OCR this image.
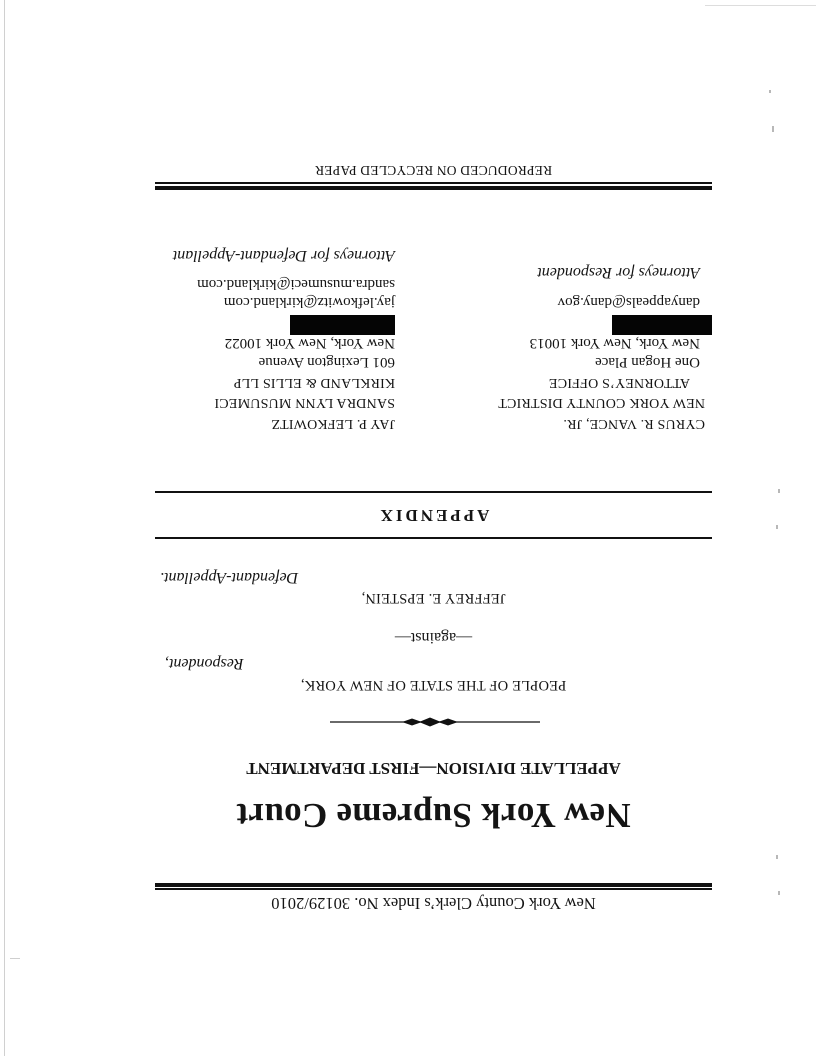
New York County Clerk’s Index No. 30129/2010
New York Supreme Court
APPELLATE DIVISION—FIRST DEPARTMENT
PEOPLE OF THE STATE OF NEW YORK,
Respondent,
—against—
JEFFREY E. EPSTEIN,
Defendant-Appellant.
APPENDIX
CYRUS R. VANCE, JR.
NEW YORK COUNTY DISTRICT
ATTORNEY’S OFFICE
One Hogan Place
New York, New York 10013
danyappeals@dany.gov
Attorneys for Respondent
JAY P. LEFKOWITZ
SANDRA LYNN MUSUMECI
KIRKLAND & ELLIS LLP
601 Lexington Avenue
New York, New York 10022
jay.lefkowitz@kirkland.com
sandra.musumeci@kirkland.com
Attorneys for Defendant-Appellant
REPRODUCED ON RECYCLED PAPER
